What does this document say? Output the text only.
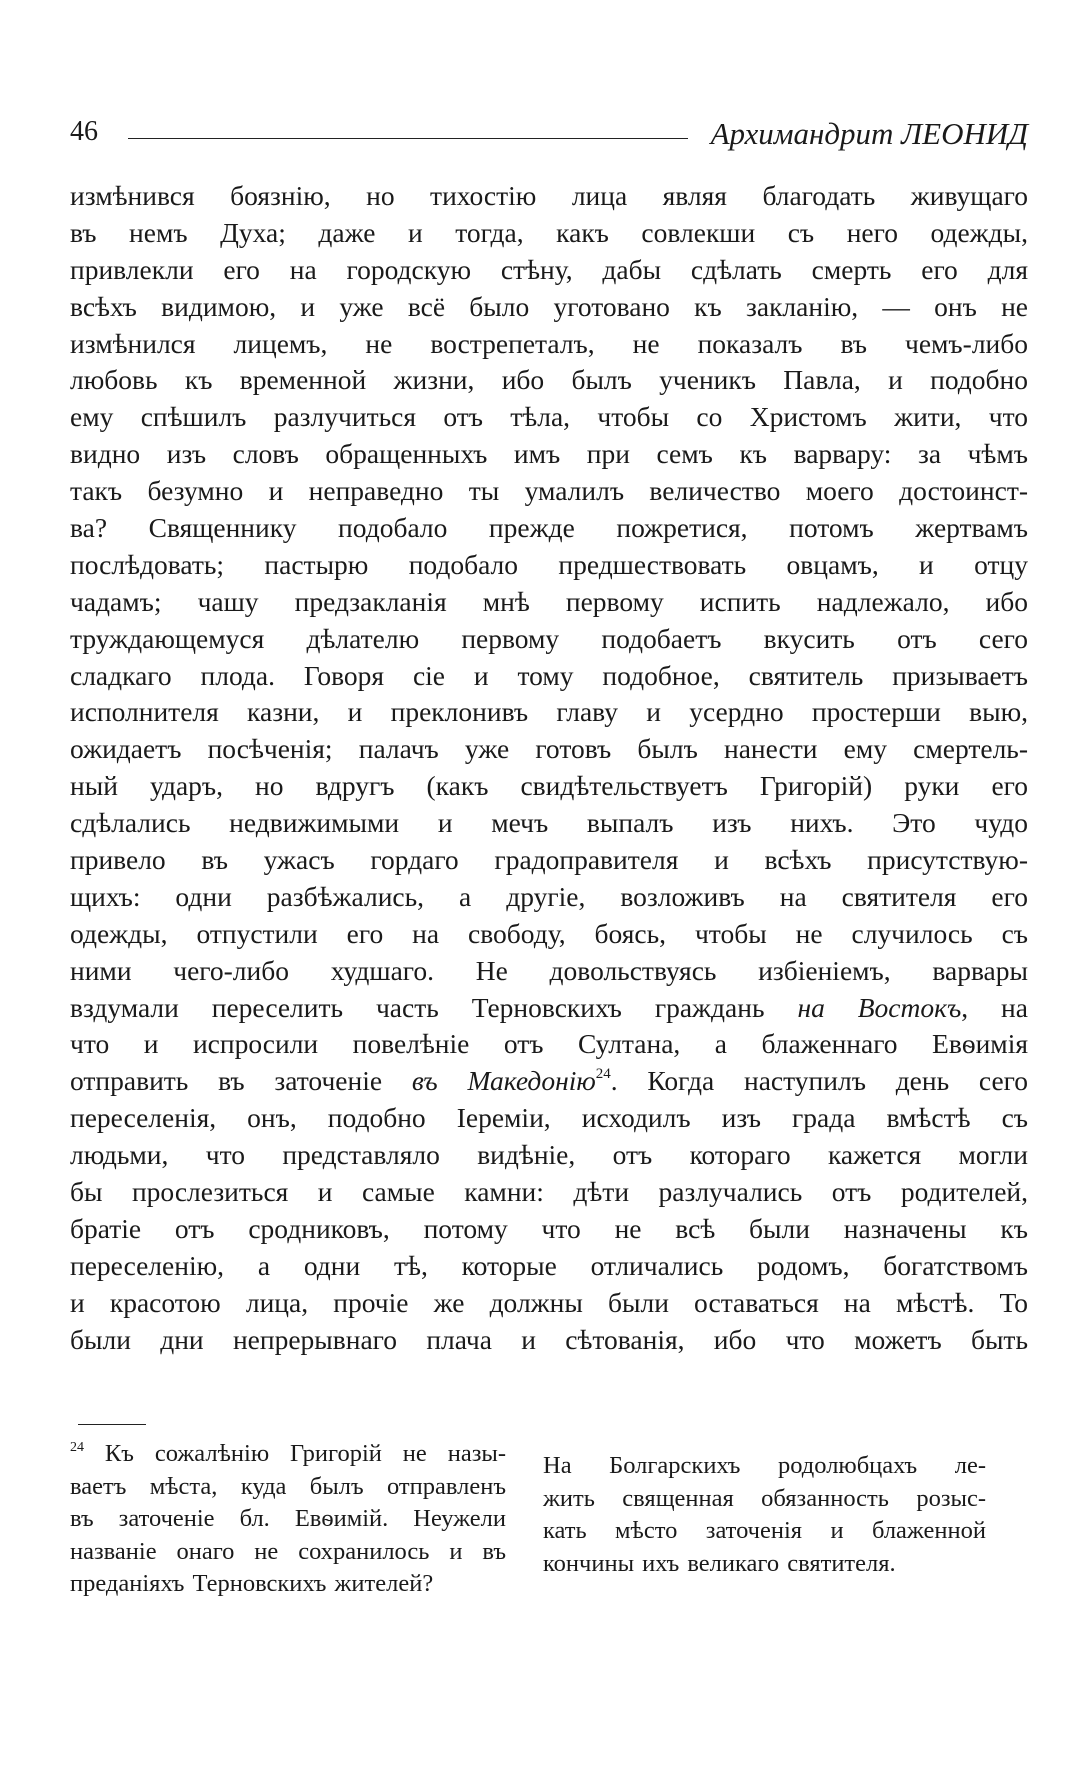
46	Архимандрит ЛЕОНИД
измѣнився боязнію, но тихостію лица являя благодать живущаго
въ немъ Духа; даже и тогда, какъ совлекши съ него одежды,
привлекли его на городскую стѣну, дабы сдѣлать смерть его для
всѣхъ видимою, и уже всё было уготовано къ закланію, — онъ не
измѣнился лицемъ, не вострепеталъ, не показалъ въ чемъ-либо
любовь къ временной жизни, ибо былъ ученикъ Павла, и подобно
ему спѣшилъ разлучиться отъ тѣла, чтобы со Христомъ жити, что
видно изъ словъ обращенныхъ имъ при семъ къ варвару: за чѣмъ
такъ безумно и неправедно ты умалилъ величество моего достоинст-
ва? Священнику подобало прежде пожретися, потомъ жертвамъ
послѣдовать; пастырю подобало предшествовать овцамъ, и отцу
чадамъ; чашу предзакланія мнѣ первому испить надлежало, ибо
труждающемуся дѣлателю первому подобаетъ вкусить отъ сего
сладкаго плода. Говоря сіе и тому подобное, святитель призываетъ
исполнителя казни, и преклонивъ главу и усердно простерши выю,
ожидаетъ посѣченія; палачъ уже готовъ былъ нанести ему смертель-
ный ударъ, но вдругъ (какъ свидѣтельствуетъ Григорій) руки его
сдѣлались недвижимыми и мечъ выпалъ изъ нихъ. Это чудо
привело въ ужасъ гордаго градоправителя и всѣхъ присутствую-
щихъ: одни разбѣжались, а другіе, возложивъ на святителя его
одежды, отпустили его на свободу, боясь, чтобы не случилось съ
ними чего-либо худшаго. Не довольствуясь избіеніемъ, варвары
вздумали переселить часть Терновскихъ граждань на Востокъ, на
что и испросили повелѣніе отъ Султана, а блаженнаго Евѳимія
отправить въ заточеніе въ Македонію$^{24}$. Когда наступилъ день сего
переселенія, онъ, подобно Іереміи, исходилъ изъ града вмѣстѣ съ
людьми, что представляло видѣніе, отъ котораго кажется могли
бы прослезиться и самые камни: дѣти разлучались отъ родителей,
братіе отъ сродниковъ, потому что не всѣ были назначены къ
переселенію, а одни тѣ, которые отличались родомъ, богатствомъ
и красотою лица, прочіе же должны были оставаться на мѣстѣ. То
были дни непрерывнаго плача и сѣтованія, ибо что можетъ быть
$^{24}$ Къ сожалѣнію Григорій не назы-
ваетъ мѣста, куда былъ отправленъ
въ заточеніе бл. Евѳимій. Неужели
названіе онаго не сохранилось и въ
преданіяхъ Терновскихъ жителей?
На Болгарскихъ родолюбцахъ ле-
жить священная обязанность розыс-
кать мѣсто заточенія и блаженной
кончины ихъ великаго святителя.
